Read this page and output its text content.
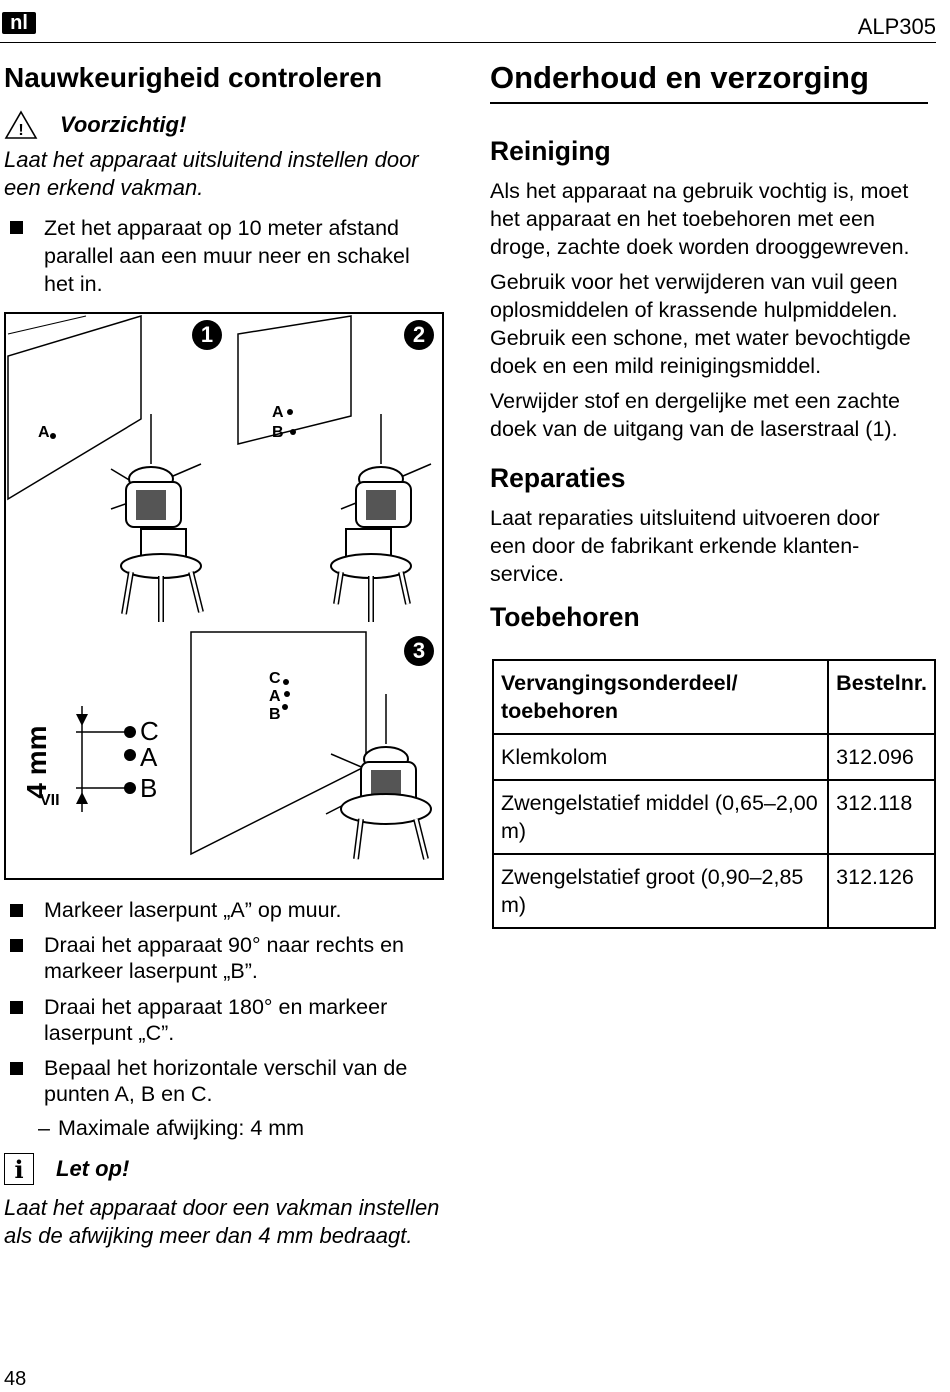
nl	ALP305
Nauwkeurigheid controleren
! Voorzichtig!
Laat het apparaat uitsluitend instellen door een erkend vakman.
Zet het apparaat op 10 meter afstand parallel aan een muur neer en schakel het in.
1	2
3
A
A
B
C
A
B
C
A
B
4 mm
VII
Markeer laserpunt „A” op muur.
Draai het apparaat 90° naar rechts en markeer laserpunt „B”.
Draai het apparaat 180° en markeer laserpunt „C”.
Bepaal het horizontale verschil van de punten A, B en C.
– Maximale afwijking: 4 mm
i	Let op!
Laat het apparaat door een vakman instellen als de afwijking meer dan 4 mm bedraagt.
Onderhoud en verzorging
Reiniging
Als het apparaat na gebruik vochtig is, moet het apparaat en het toebehoren met een droge, zachte doek worden drooggewreven.
Gebruik voor het verwijderen van vuil geen oplosmiddelen of krassende hulpmiddelen. Gebruik een schone, met water bevochtigde doek en een mild reinigingsmiddel.
Verwijder stof en dergelijke met een zachte doek van de uitgang van de laserstraal (1).
Reparaties
Laat reparaties uitsluitend uitvoeren door een door de fabrikant erkende klanten-service.
Toebehoren
Vervangingsonderdeel/ toebehoren	Bestelnr.
Klemkolom	312.096
Zwengelstatief middel (0,65–2,00 m)	312.118
Zwengelstatief groot (0,90–2,85 m)	312.126
48
